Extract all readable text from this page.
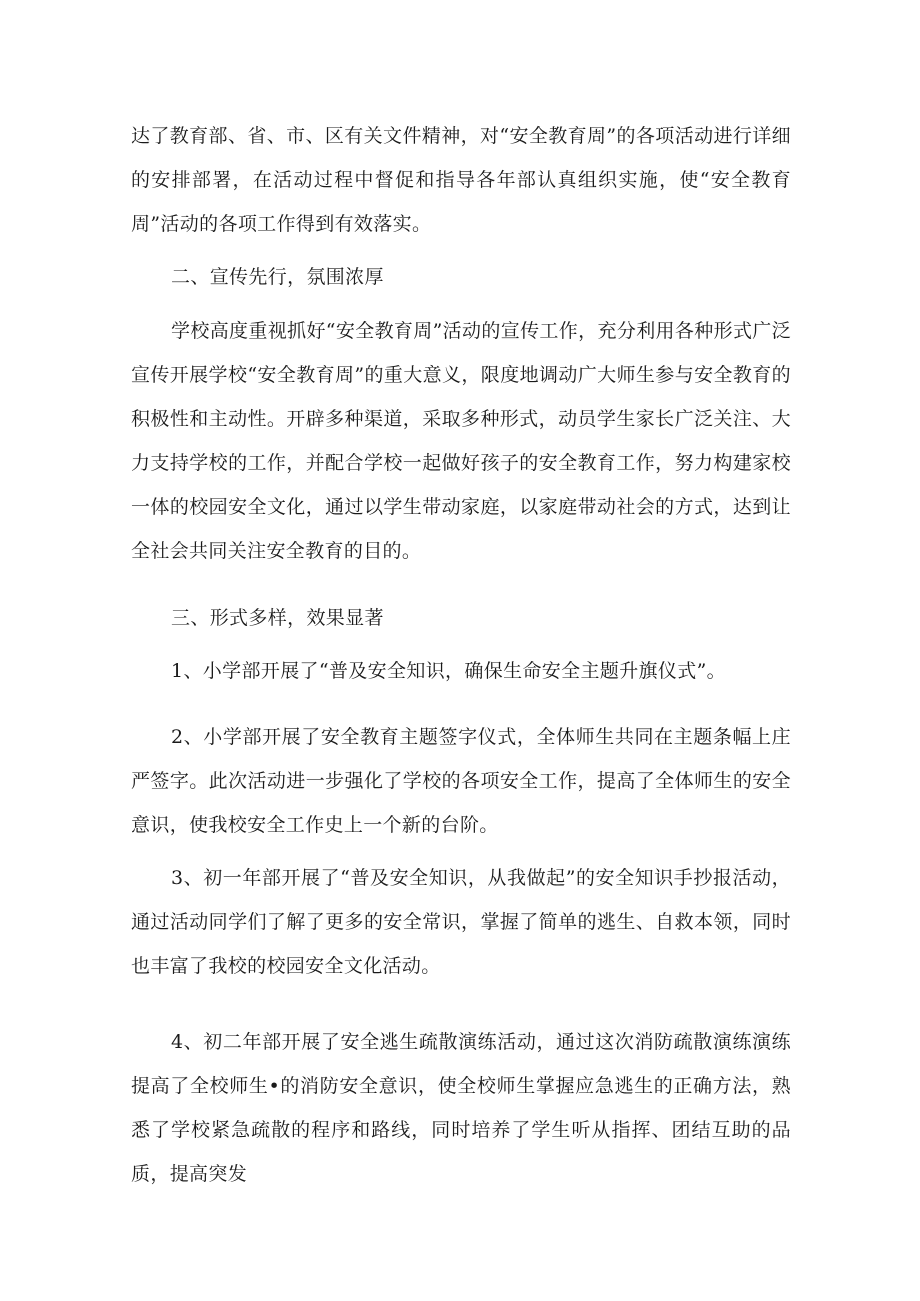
达了教育部、省、市、区有关文件精神，对“安全教育周”的各项活动进行详细的安排部署，在活动过程中督促和指导各年部认真组织实施，使“安全教育周”活动的各项工作得到有效落实。

二、宣传先行，氛围浓厚

学校高度重视抓好“安全教育周”活动的宣传工作，充分利用各种形式广泛宣传开展学校“安全教育周”的重大意义，限度地调动广大师生参与安全教育的积极性和主动性。开辟多种渠道，采取多种形式，动员学生家长广泛关注、大力支持学校的工作，并配合学校一起做好孩子的安全教育工作，努力构建家校一体的校园安全文化，通过以学生带动家庭，以家庭带动社会的方式，达到让全社会共同关注安全教育的目的。

三、形式多样，效果显著

1、小学部开展了“普及安全知识，确保生命安全主题升旗仪式”。

2、小学部开展了安全教育主题签字仪式，全体师生共同在主题条幅上庄严签字。此次活动进一步强化了学校的各项安全工作，提高了全体师生的安全意识，使我校安全工作史上一个新的台阶。

3、初一年部开展了“普及安全知识，从我做起”的安全知识手抄报活动，通过活动同学们了解了更多的安全常识，掌握了简单的逃生、自救本领，同时也丰富了我校的校园安全文化活动。

4、初二年部开展了安全逃生疏散演练活动，通过这次消防疏散演练演练提高了全校师生•的消防安全意识，使全校师生掌握应急逃生的正确方法，熟悉了学校紧急疏散的程序和路线，同时培养了学生听从指挥、团结互助的品质，提高突发
